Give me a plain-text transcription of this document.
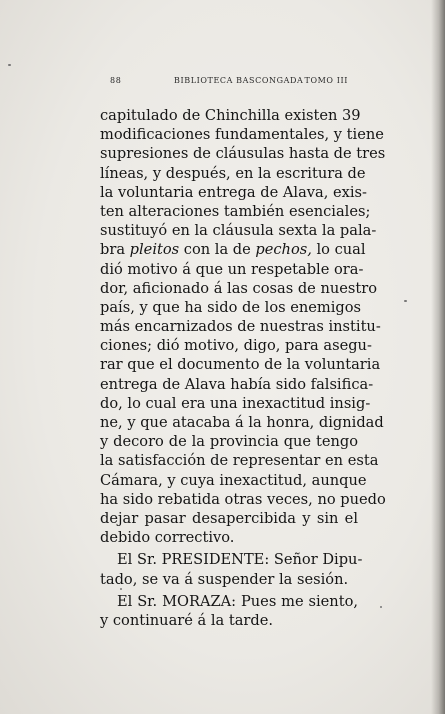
88	BIBLIOTECA BASCONGADA TOMO III
capitulado de Chinchilla existen 39
modificaciones fundamentales, y tiene
supresiones de cláusulas hasta de tres
líneas, y después, en la escritura de
la voluntaria entrega de Alava, exis-
ten alteraciones también esenciales;
sustituyó en la cláusula sexta la pala-
bra pleitos con la de pechos, lo cual
dió motivo á que un respetable ora-
dor, aficionado á las cosas de nuestro
país, y que ha sido de los enemigos
más encarnizados de nuestras institu-
ciones; dió motivo, digo, para asegu-
rar que el documento de la voluntaria
entrega de Alava había sido falsifica-
do, lo cual era una inexactitud insig-
ne, y que atacaba á la honra, dignidad
y decoro de la provincia que tengo
la satisfacción de representar en esta
Cámara, y cuya inexactitud, aunque
ha sido rebatida otras veces, no puedo
dejar pasar desapercibida y sin el
debido correctivo.
El Sr. PRESIDENTE: Señor Dipu-
tado, se va á suspender la sesión.
El Sr. MORAZA: Pues me siento,
y continuaré á la tarde.
